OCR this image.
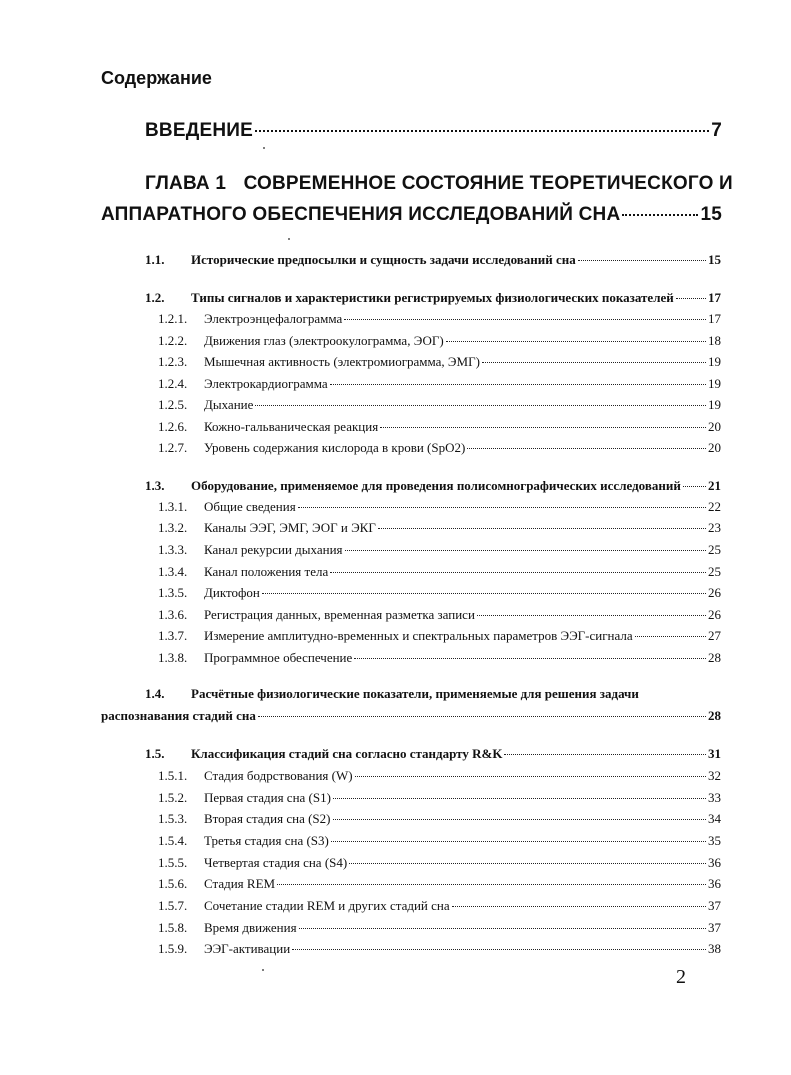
Содержание
ВВЕДЕНИЕ	7
ГЛАВА 1 СОВРЕМЕННОЕ СОСТОЯНИЕ ТЕОРЕТИЧЕСКОГО И
АППАРАТНОГО ОБЕСПЕЧЕНИЯ ИССЛЕДОВАНИЙ СНА	15
1.1.	Исторические предпосылки и сущность задачи исследований сна	15
1.2.	Типы сигналов и характеристики регистрируемых физиологических показателей	17
1.2.1.	Электроэнцефалограмма	17
1.2.2.	Движения глаз (электроокулограмма, ЭОГ)	18
1.2.3.	Мышечная активность (электромиограмма, ЭМГ)	19
1.2.4.	Электрокардиограмма	19
1.2.5.	Дыхание	19
1.2.6.	Кожно-гальваническая реакция	20
1.2.7.	Уровень содержания кислорода в крови (SpO2)	20
1.3.	Оборудование, применяемое для проведения полисомнографических исследований 21
1.3.1.	Общие сведения	22
1.3.2.	Каналы ЭЭГ, ЭМГ, ЭОГ и ЭКГ	23
1.3.3.	Канал рекурсии дыхания	25
1.3.4.	Канал положения тела	25
1.3.5.	Диктофон	26
1.3.6.	Регистрация данных, временная разметка записи	26
1.3.7.	Измерение амплитудно-временных и спектральных параметров ЭЭГ-сигнала	27
1.3.8.	Программное обеспечение	28
1.4. Расчётные физиологические показатели, применяемые для решения задачи
распознавания стадий сна	28
1.5.	Классификация стадий сна согласно стандарту R&K	31
1.5.1.	Стадия бодрствования (W)	32
1.5.2.	Первая стадия сна (S1)	33
1.5.3.	Вторая стадия сна (S2)	34
1.5.4.	Третья стадия сна (S3)	35
1.5.5.	Четвертая стадия сна (S4)	36
1.5.6.	Стадия REM	36
1.5.7.	Сочетание стадии REM и других стадий сна	37
1.5.8.	Время движения	37
1.5.9.	ЭЭГ-активации	38
2
